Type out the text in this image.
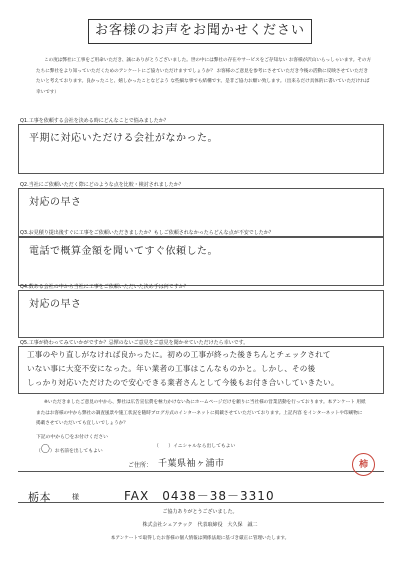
お客様のお声をお聞かせください
この度は弊社に工事をご用命いただき、誠にありがとうございました。世の中には弊社の存在やサービスをご存知ない お客様が沢山いらっしゃいます。その方たちに弊社をより知っていただくためのアンケートにご協力いただけますでしょうか？ お客様のご意見を参考にさせていただき今後の活動に反映させていただきたいと考えております。良かったこと、嬉しかったことなどよう な些細な事でも結構です。是非ご協力お願い致します。（出来るだけ具体的に書いていただければ幸いです）
Q1.工事を依頼する会社を決める時にどんなことで悩みましたか？
平期に対応いただける会社がなかった。
Q2.当社にご依頼いただく際にどのような点を比較・検討されましたか？
対応の早さ
Q3.お見積り提出後すぐに工事をご依頼いただきましたか？もしご依頼されなかったらどんな点が不安でしたか？
電話で概算金額を聞いてすぐ依頼した。
Q4.数ある会社の中から当社に工事をご依頼いただいた決め手は何ですか？
対応の早さ
Q5.工事が終わってみていかがですか？忌憚のないご意見をご意見を聞かせていただけたら幸いです。
工事のやり直しがなければ良かったに。初めの工事が終った後きちんとチェックされて
いない事に大変不安になった。年い業者の工事はこんなものかと。しかし、その後
しっかり対応いただけたので安心できる業者さんとして今後もお付き合いしていきたい。
※いただきましたご意見の中から、弊社は広告宣伝費を極力かけない為にホームページだけを頼りに当社様の営業活動を行っております。本アンケート 用紙またはお客様の中から弊社の調査風景や施工状況を随時ブログ方式のインターネットに掲載させていただいております。上記内容 をインターネットや印刷物に掲載させていただいても宜しいでしょうか？
下記の中から〇をお付けください
（〇）お名前を出してもよい
（　　）イニシャルなら出してもよい
ご住所： 千葉県袖ヶ浦市	柿
栃本	様	FAX　0438－38－3310
ご協力ありがとうございました。
株式会社シェアテック　代表取締役　大久保　誠二
本アンケートで取得したお客様の個人情報は関係法規に基づき厳正に管理いたします。
